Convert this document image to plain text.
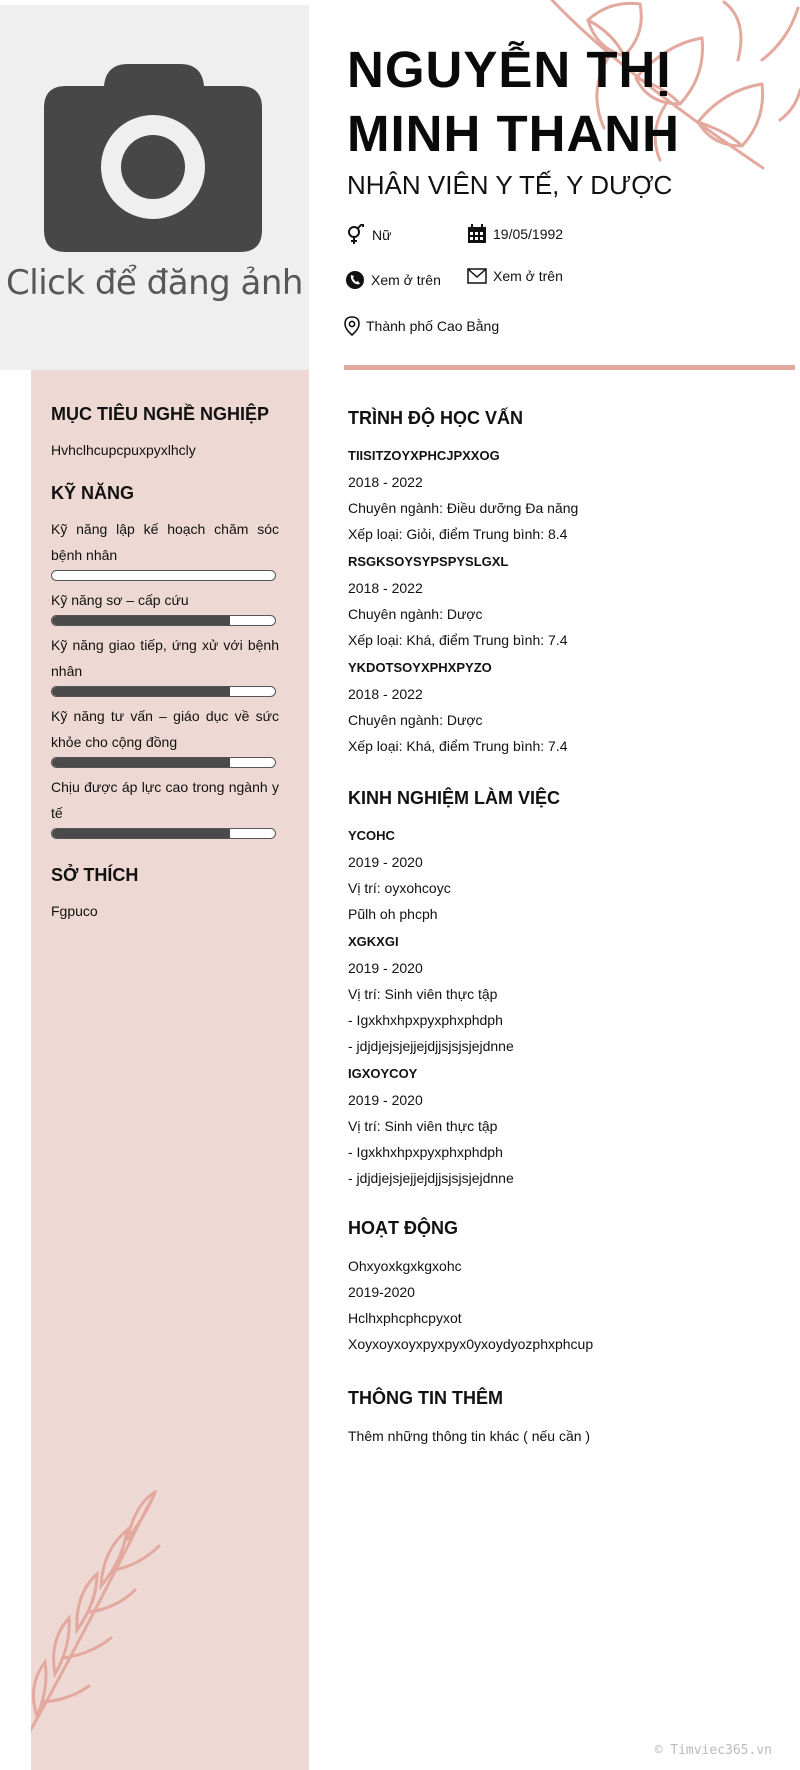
Click để đăng ảnh
NGUYỄN THỊ
MINH THANH
NHÂN VIÊN Y TẾ, Y DƯỢC
Nữ	19/05/1992
Xem ở trên	Xem ở trên
Thành phố Cao Bằng
MỤC TIÊU NGHỀ NGHIỆP
Hvhclhcupcpuxpyxlhcly
KỸ NĂNG
Kỹ năng lập kế hoạch chăm sóc bệnh nhân
Kỹ năng sơ – cấp cứu
Kỹ năng giao tiếp, ứng xử với bệnh nhân
Kỹ năng tư vấn – giáo dục về sức khỏe cho cộng đồng
Chịu được áp lực cao trong ngành y tế
SỞ THÍCH
Fgpuco
TRÌNH ĐỘ HỌC VẤN
TIISITZOYXPHCJPXXOG
2018 - 2022
Chuyên ngành: Điều dưỡng Đa năng
Xếp loại: Giỏi, điểm Trung bình: 8.4
RSGKSOYSYPSPYSLGXL
2018 - 2022
Chuyên ngành: Dược
Xếp loại: Khá, điểm Trung bình: 7.4
YKDOTSOYXPHXPYZO
2018 - 2022
Chuyên ngành: Dược
Xếp loại: Khá, điểm Trung bình: 7.4
KINH NGHIỆM LÀM VIỆC
YCOHC
2019 - 2020
Vị trí: oyxohcoyc
Pũlh oh phcph
XGKXGI
2019 - 2020
Vị trí: Sinh viên thực tập
- Igxkhxhpxpyxphxphdph
- jdjdjejsjejjejdjjsjsjsjejdnne
IGXOYCOY
2019 - 2020
Vị trí: Sinh viên thực tập
- Igxkhxhpxpyxphxphdph
- jdjdjejsjejjejdjjsjsjsjejdnne
HOẠT ĐỘNG
Ohxyoxkgxkgxohc
2019-2020
Hclhxphcphcpyxot
Xoyxoyxoyxpyxpyx0yxoydyozphxphcup
THÔNG TIN THÊM
Thêm những thông tin khác ( nếu cần )
© Timviec365.vn
